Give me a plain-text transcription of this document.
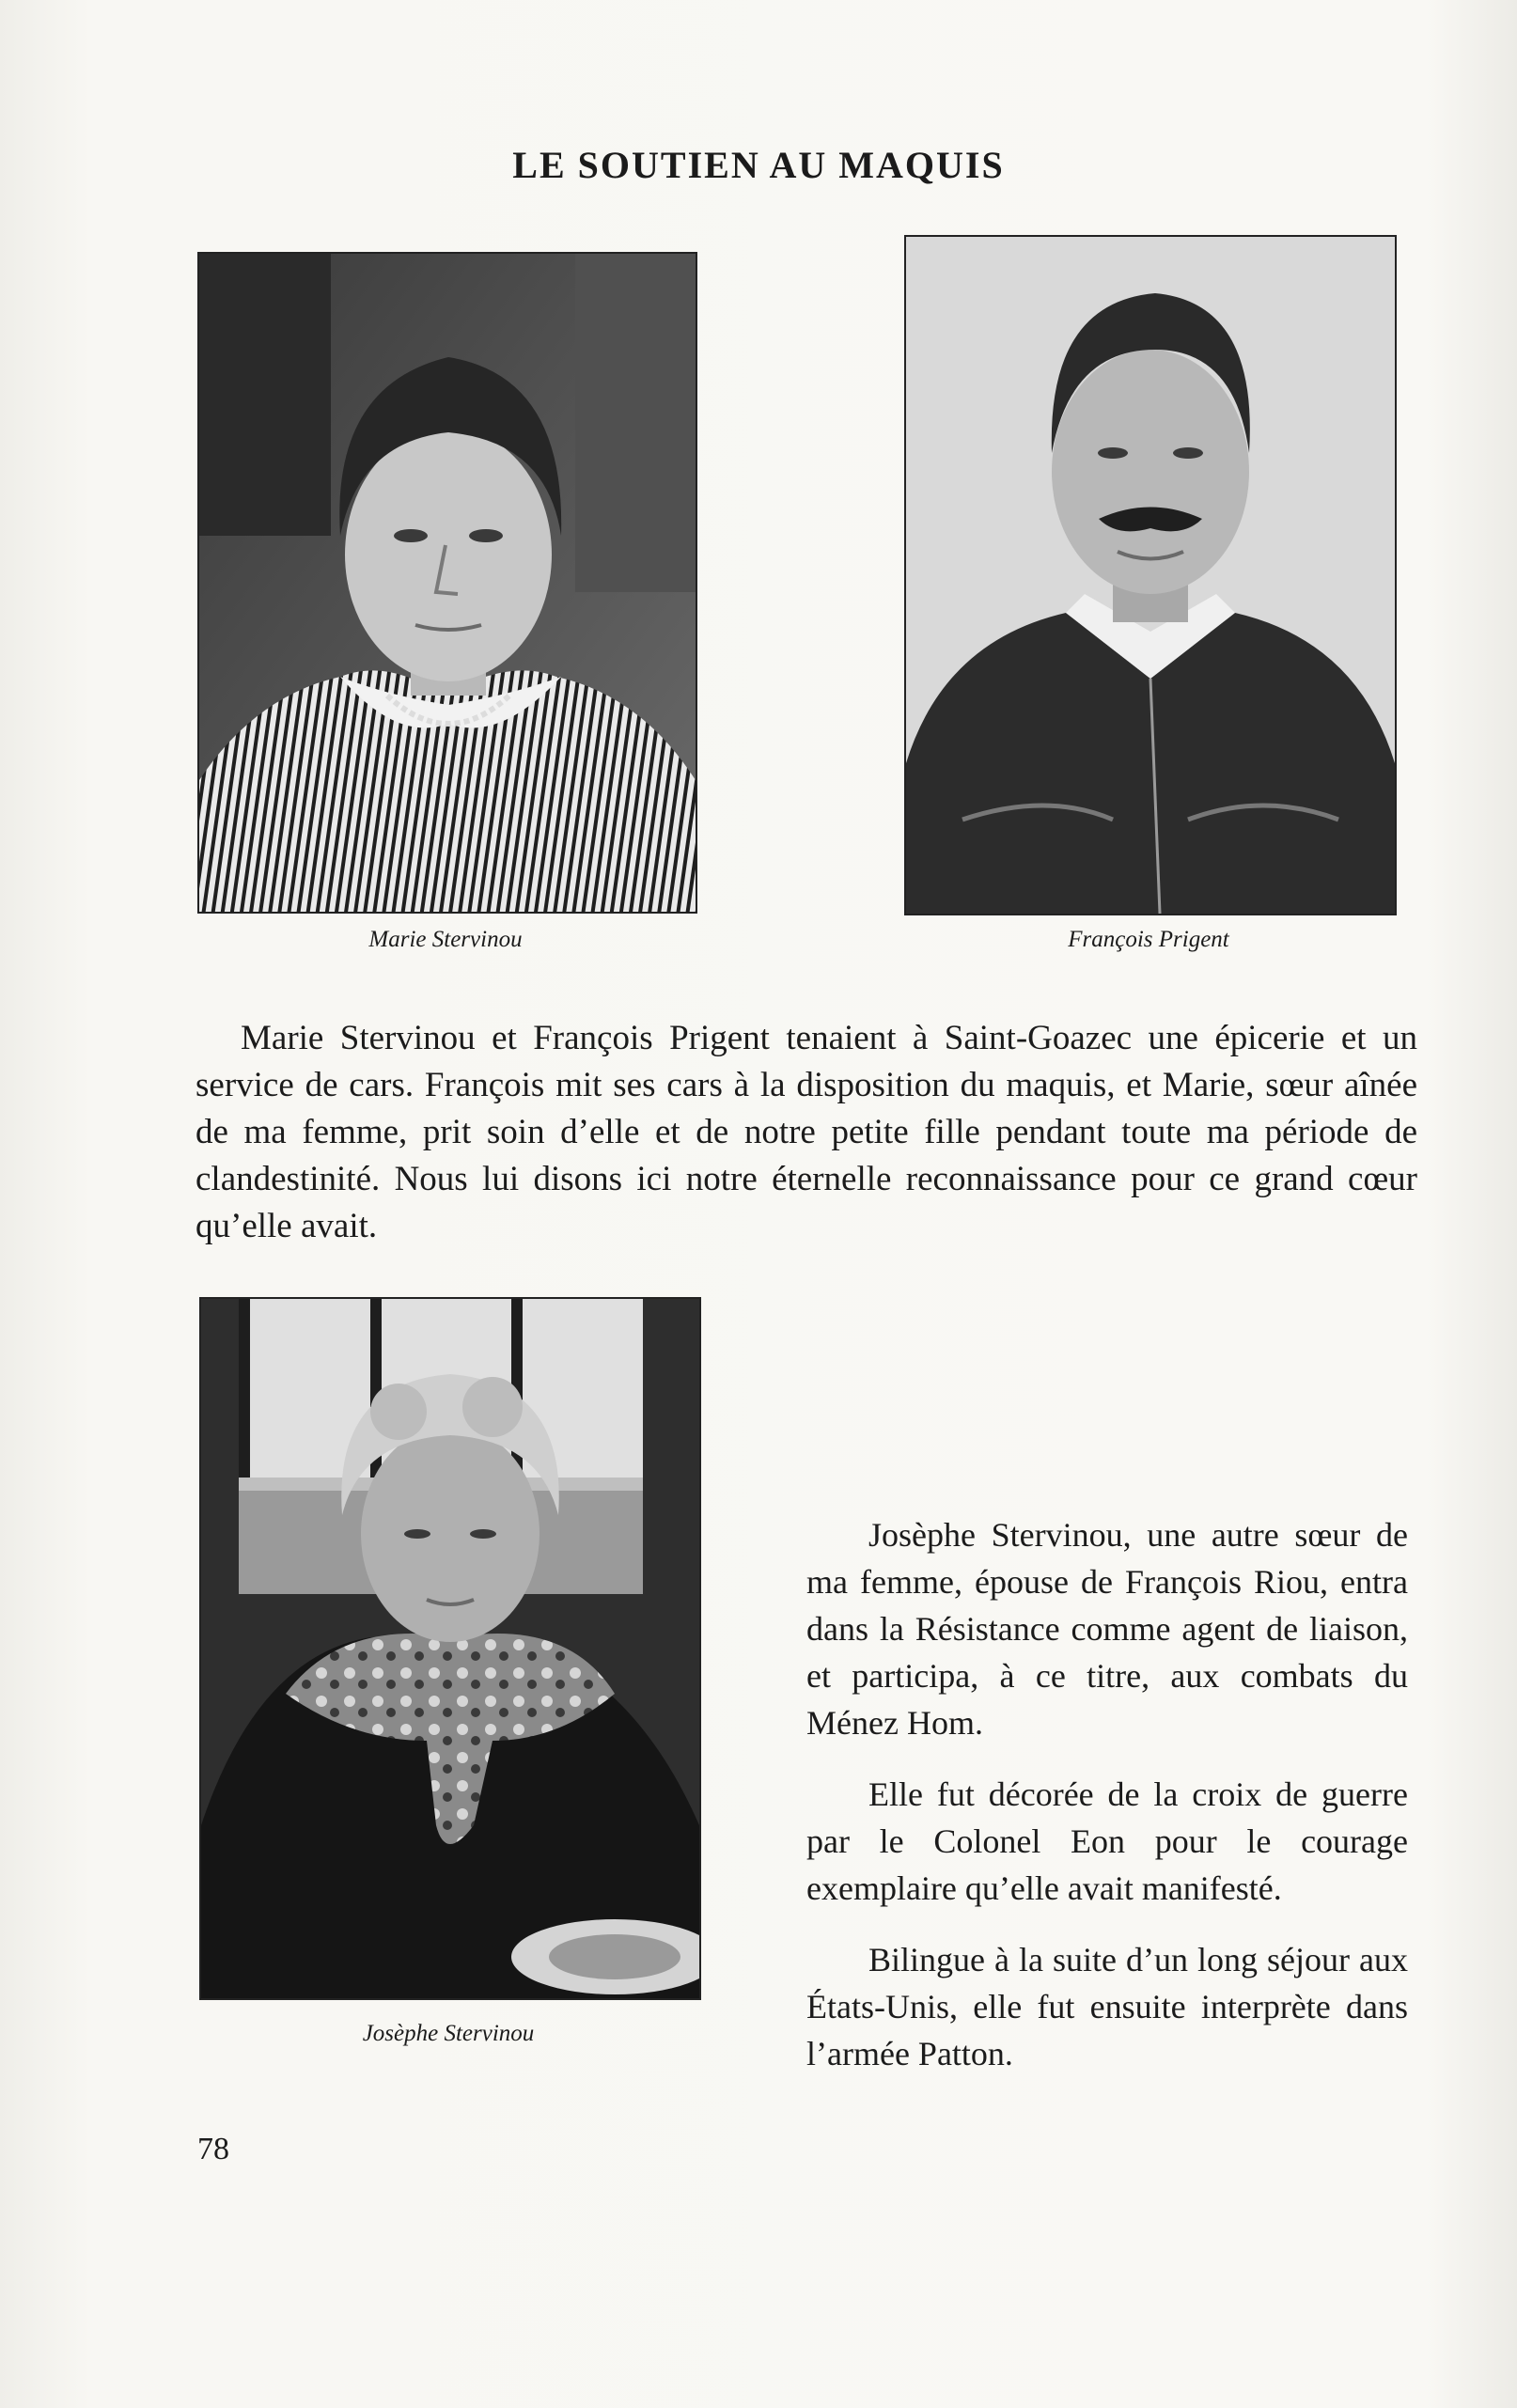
LE SOUTIEN AU MAQUIS
Marie Stervinou	François Prigent

Marie Stervinou et François Prigent tenaient à Saint-Goazec une épicerie et un service de cars. François mit ses cars à la disposition du maquis, et Marie, sœur aînée de ma femme, prit soin d’elle et de notre petite fille pendant toute ma période de clandestinité. Nous lui disons ici notre éternelle reconnaissance pour ce grand cœur qu’elle avait.

Josèphe Stervinou

Josèphe Stervinou, une autre sœur de ma femme, épouse de François Riou, entra dans la Résistance comme agent de liaison, et participa, à ce titre, aux combats du Ménez Hom.

Elle fut décorée de la croix de guerre par le Colonel Eon pour le courage exemplaire qu’elle avait manifesté.

Bilingue à la suite d’un long séjour aux États-Unis, elle fut ensuite interprète dans l’armée Patton.

78
